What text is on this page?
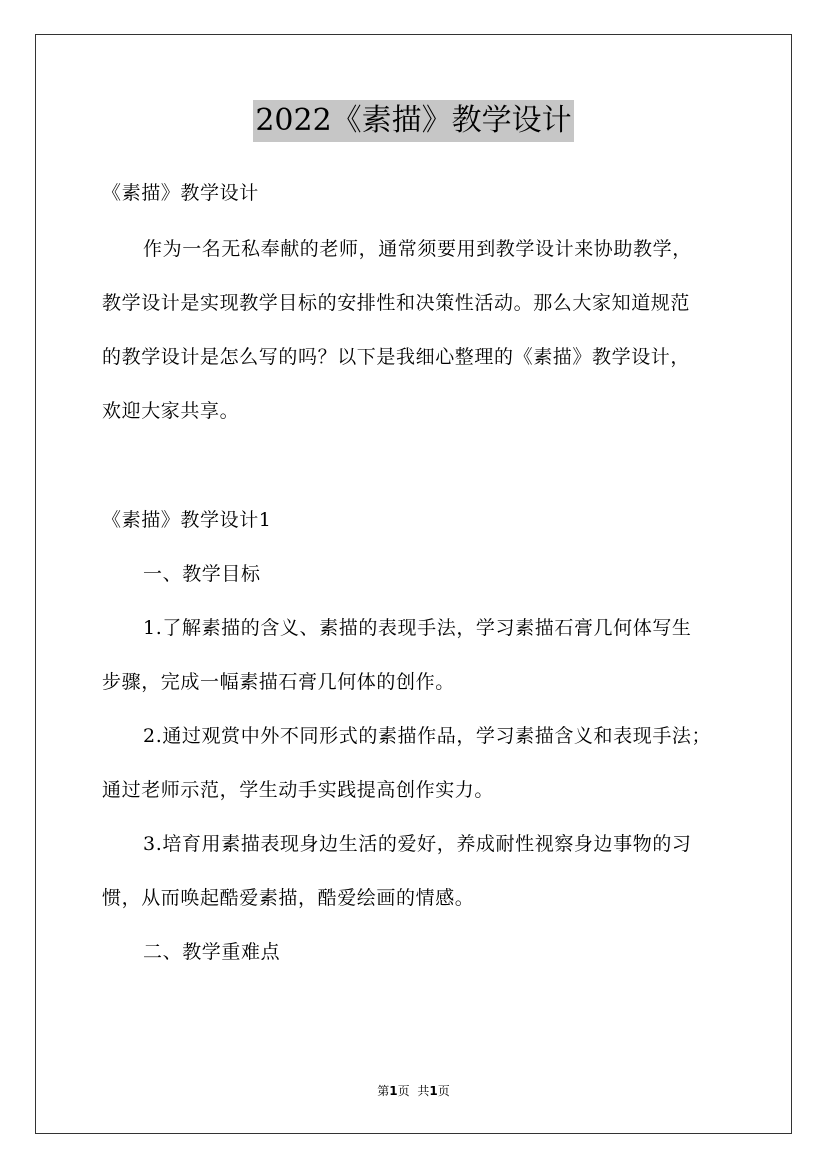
2022《素描》教学设计
《素描》教学设计
作为一名无私奉献的老师，通常须要用到教学设计来协助教学，
教学设计是实现教学目标的安排性和决策性活动。那么大家知道规范
的教学设计是怎么写的吗？以下是我细心整理的《素描》教学设计，
欢迎大家共享。
《素描》教学设计1
一、教学目标
1.了解素描的含义、素描的表现手法，学习素描石膏几何体写生
步骤，完成一幅素描石膏几何体的创作。
2.通过观赏中外不同形式的素描作品，学习素描含义和表现手法；
通过老师示范，学生动手实践提高创作实力。
3.培育用素描表现身边生活的爱好，养成耐性视察身边事物的习
惯，从而唤起酷爱素描，酷爱绘画的情感。
二、教学重难点
第1页 共1页
